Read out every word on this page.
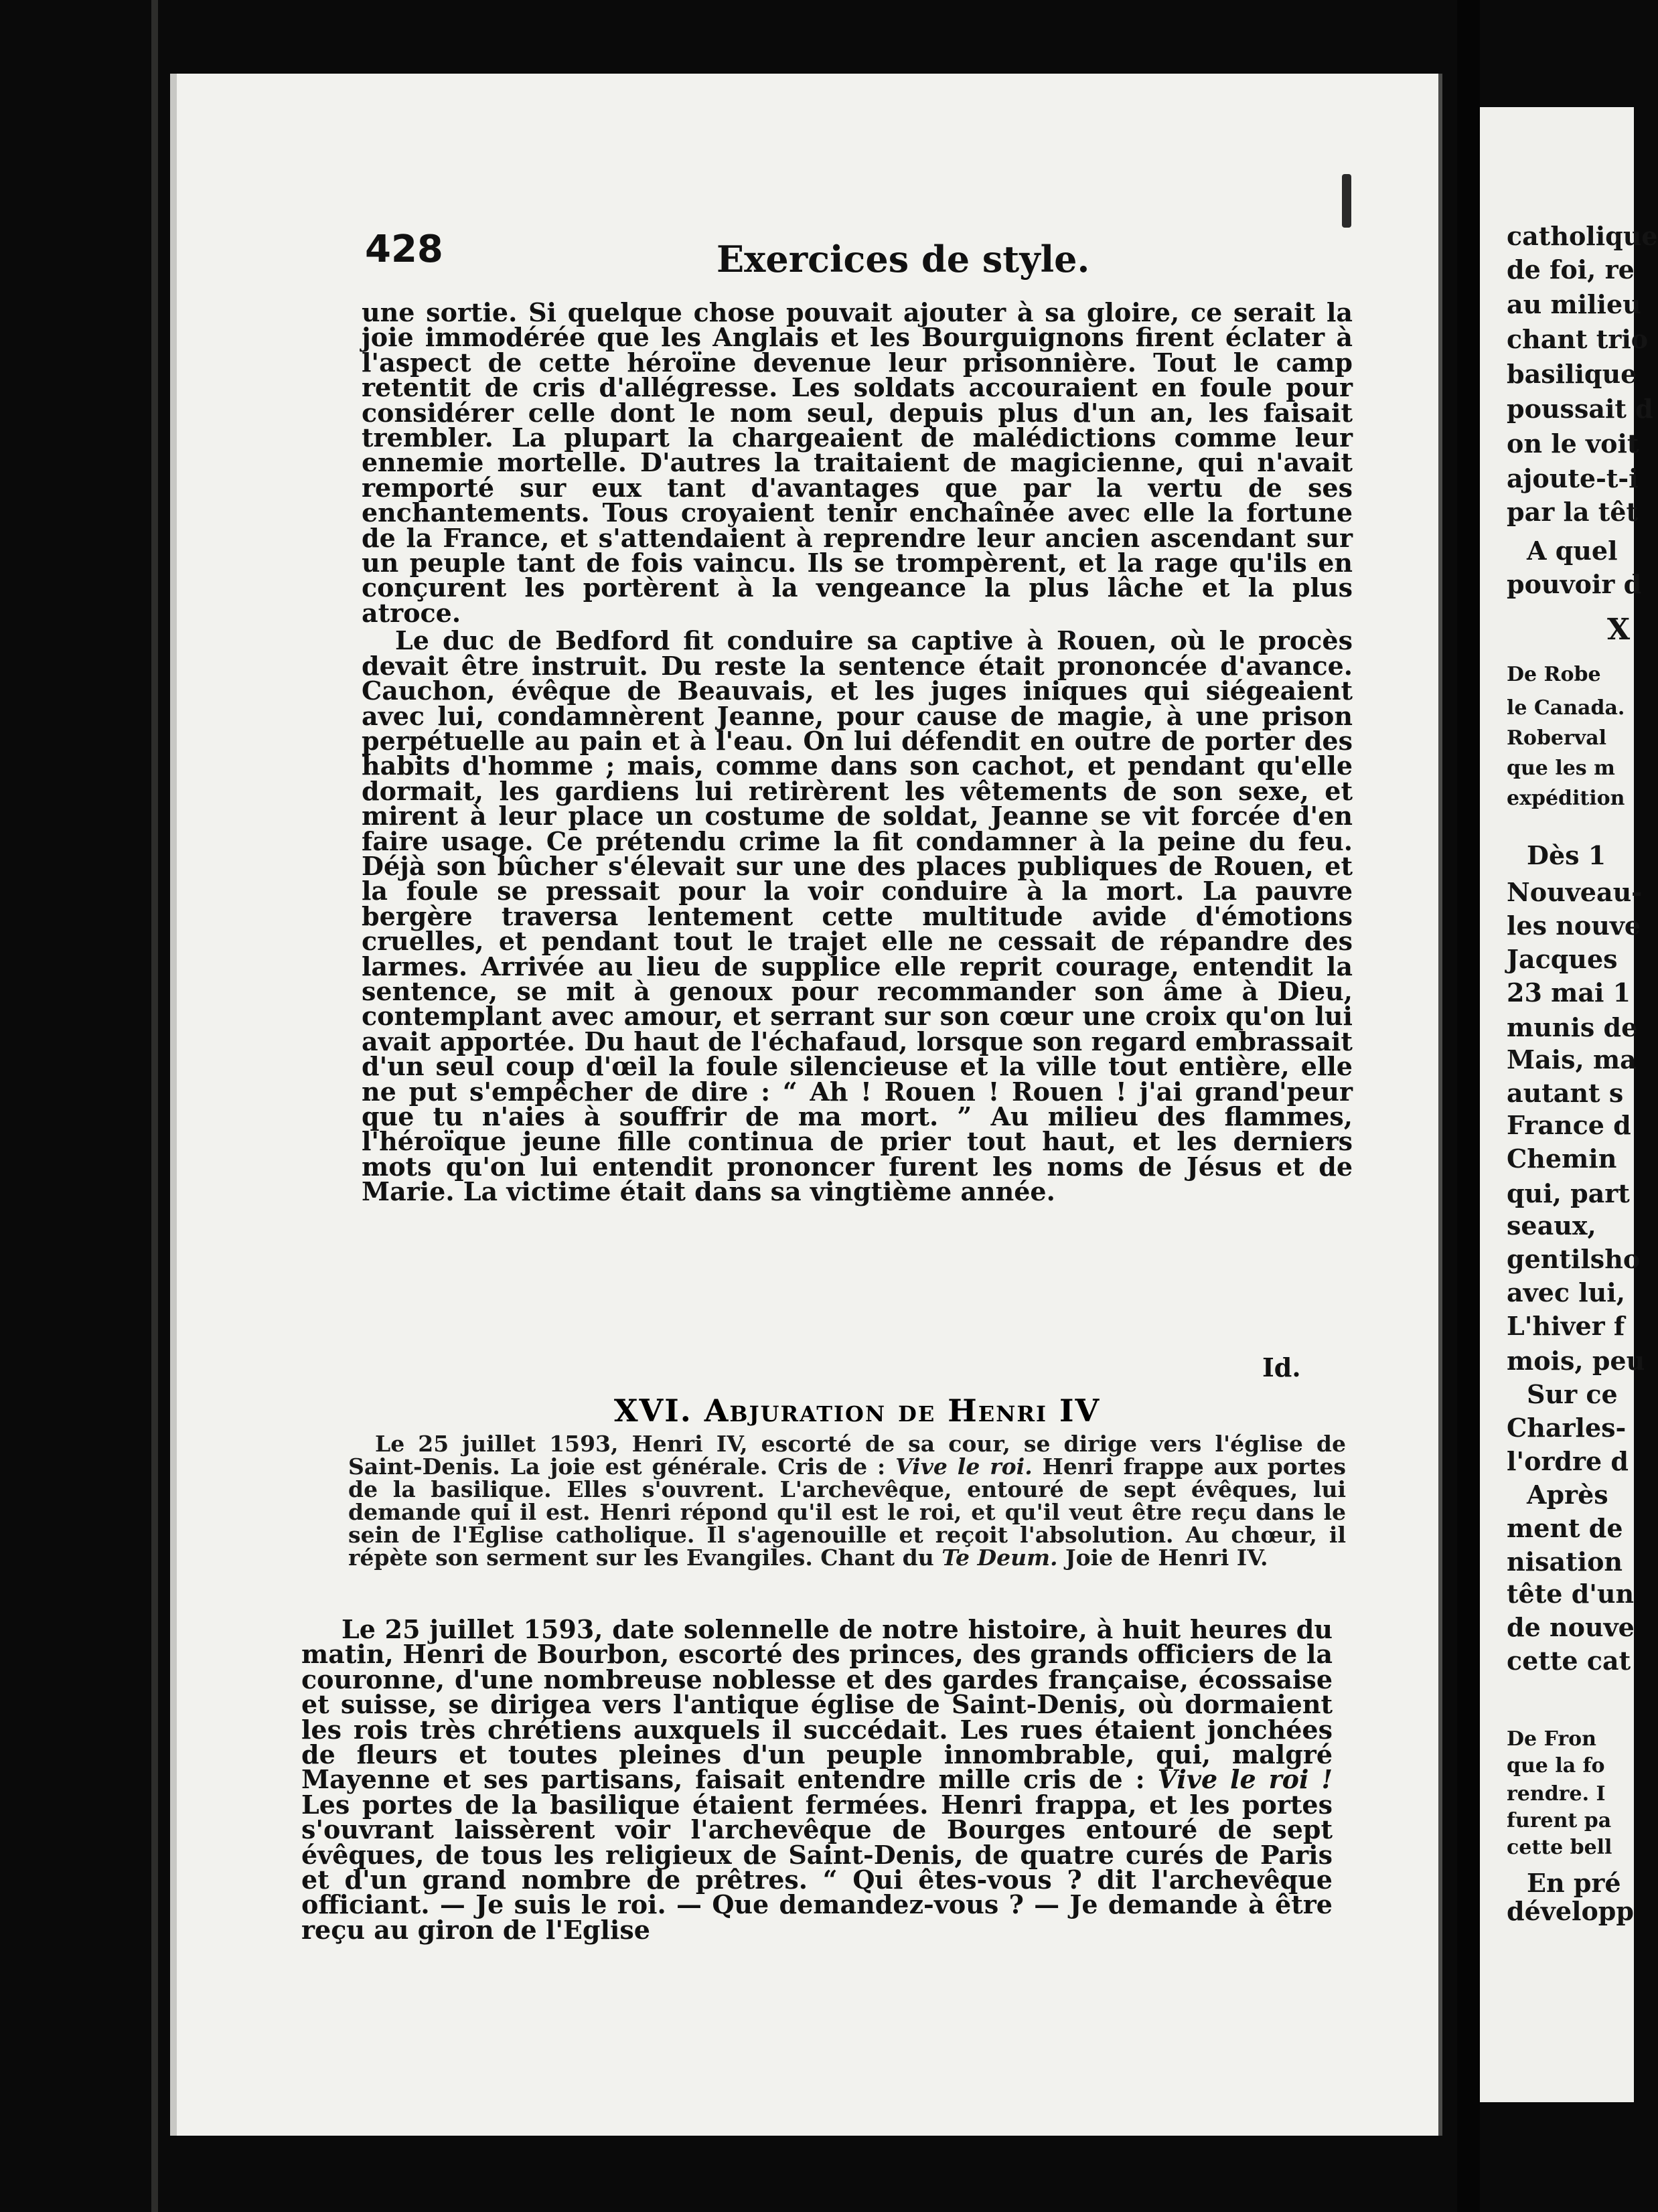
428	Exercices de style.

une sortie. Si quelque chose pouvait ajouter à sa gloire, ce serait la joie immodérée que les Anglais et les Bourguignons firent éclater à l'aspect de cette héroïne devenue leur prisonnière. Tout le camp retentit de cris d'allégresse. Les soldats accouraient en foule pour considérer celle dont le nom seul, depuis plus d'un an, les faisait trembler. La plupart la chargeaient de malédictions comme leur ennemie mortelle. D'autres la traitaient de magicienne, qui n'avait remporté sur eux tant d'avantages que par la vertu de ses enchantements. Tous croyaient tenir enchaînée avec elle la fortune de la France, et s'attendaient à reprendre leur ancien ascendant sur un peuple tant de fois vaincu. Ils se trompèrent, et la rage qu'ils en conçurent les portèrent à la vengeance la plus lâche et la plus atroce.

Le duc de Bedford fit conduire sa captive à Rouen, où le procès devait être instruit. Du reste la sentence était prononcée d'avance. Cauchon, évêque de Beauvais, et les juges iniques qui siégeaient avec lui, condamnèrent Jeanne, pour cause de magie, à une prison perpétuelle au pain et à l'eau. On lui défendit en outre de porter des habits d'homme ; mais, comme dans son cachot, et pendant qu'elle dormait, les gardiens lui retirèrent les vêtements de son sexe, et mirent à leur place un costume de soldat, Jeanne se vit forcée d'en faire usage. Ce prétendu crime la fit condamner à la peine du feu. Déjà son bûcher s'élevait sur une des places publiques de Rouen, et la foule se pressait pour la voir conduire à la mort. La pauvre bergère traversa lentement cette multitude avide d'émotions cruelles, et pendant tout le trajet elle ne cessait de répandre des larmes. Arrivée au lieu de supplice elle reprit courage, entendit la sentence, se mit à genoux pour recommander son âme à Dieu, contemplant avec amour, et serrant sur son cœur une croix qu'on lui avait apportée. Du haut de l'échafaud, lorsque son regard embrassait d'un seul coup d'œil la foule silencieuse et la ville tout entière, elle ne put s'empêcher de dire : “ Ah ! Rouen ! Rouen ! j'ai grand'peur que tu n'aies à souffrir de ma mort. ” Au milieu des flammes, l'héroïque jeune fille continua de prier tout haut, et les derniers mots qu'on lui entendit prononcer furent les noms de Jésus et de Marie. La victime était dans sa vingtième année.

Id.
XVI. Abjuration de Henri IV
Le 25 juillet 1593, Henri IV, escorté de sa cour, se dirige vers l'église de Saint-Denis. La joie est générale. Cris de : Vive le roi. Henri frappe aux portes de la basilique. Elles s'ouvrent. L'archevêque, entouré de sept évêques, lui demande qui il est. Henri répond qu'il est le roi, et qu'il veut être reçu dans le sein de l'Eglise catholique. Il s'agenouille et reçoit l'absolution. Au chœur, il répète son serment sur les Evangiles. Chant du Te Deum. Joie de Henri IV.

Le 25 juillet 1593, date solennelle de notre histoire, à huit heures du matin, Henri de Bourbon, escorté des princes, des grands officiers de la couronne, d'une nombreuse noblesse et des gardes française, écossaise et suisse, se dirigea vers l'antique église de Saint-Denis, où dormaient les rois très chrétiens auxquels il succédait. Les rues étaient jonchées de fleurs et toutes pleines d'un peuple innombrable, qui, malgré Mayenne et ses partisans, faisait entendre mille cris de : Vive le roi ! Les portes de la basilique étaient fermées. Henri frappa, et les portes s'ouvrant laissèrent voir l'archevêque de Bourges entouré de sept évêques, de tous les religieux de Saint-Denis, de quatre curés de Paris et d'un grand nombre de prêtres. “ Qui êtes-vous ? dit l'archevêque officiant. — Je suis le roi. — Que demandez-vous ? — Je demande à être reçu au giron de l'Eglise

catholique
de foi, re
au milieu
chant trio
basilique
poussait d
on le voit
ajoute-t-i
par la têt
A quel
pouvoir d
X
De Robe
le Canada.
Roberval
que les m
expédition
Dès 1
Nouveau-
les nouve
Jacques
23 mai 1
munis de
Mais, ma
autant s
France d
Chemin
qui, part
seaux,
gentilsho
avec lui,
L'hiver f
mois, peu
Sur ce
Charles-
l'ordre d
Après
ment de
nisation
tête d'un
de nouve
cette cat
De Fron
que la fo
rendre. I
furent pa
cette bell
En pré
développ
